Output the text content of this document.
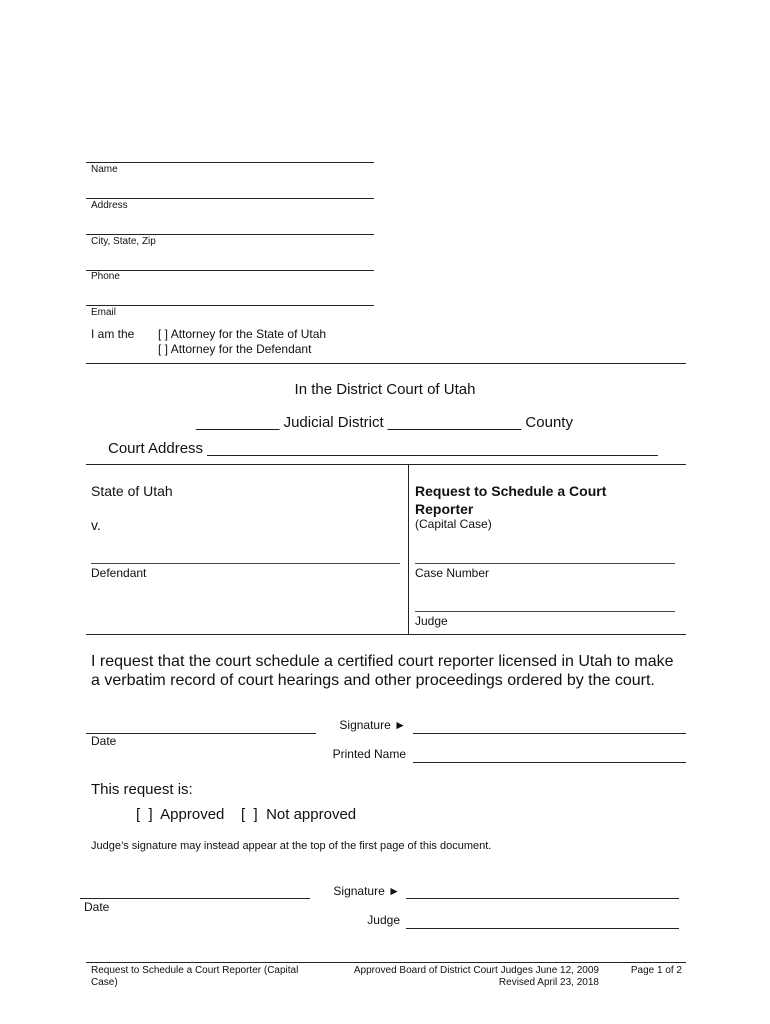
Name
Address
City, State, Zip
Phone
Email
I am the [ ] Attorney for the State of Utah
[ ] Attorney for the Defendant
In the District Court of Utah
__________ Judicial District ________________ County
Court Address ______________________________________________________
State of Utah
v.
Defendant
Request to Schedule a Court Reporter
(Capital Case)
Case Number
Judge
I request that the court schedule a certified court reporter licensed in Utah to make a verbatim record of court hearings and other proceedings ordered by the court.
Date
Signature ►
Printed Name
This request is:
[  ]  Approved    [  ]  Not approved
Judge’s signature may instead appear at the top of the first page of this document.
Date
Signature ►
Judge
Request to Schedule a Court Reporter (Capital Case)
Approved Board of District Court Judges June 12, 2009
Revised April 23, 2018
Page 1 of 2
